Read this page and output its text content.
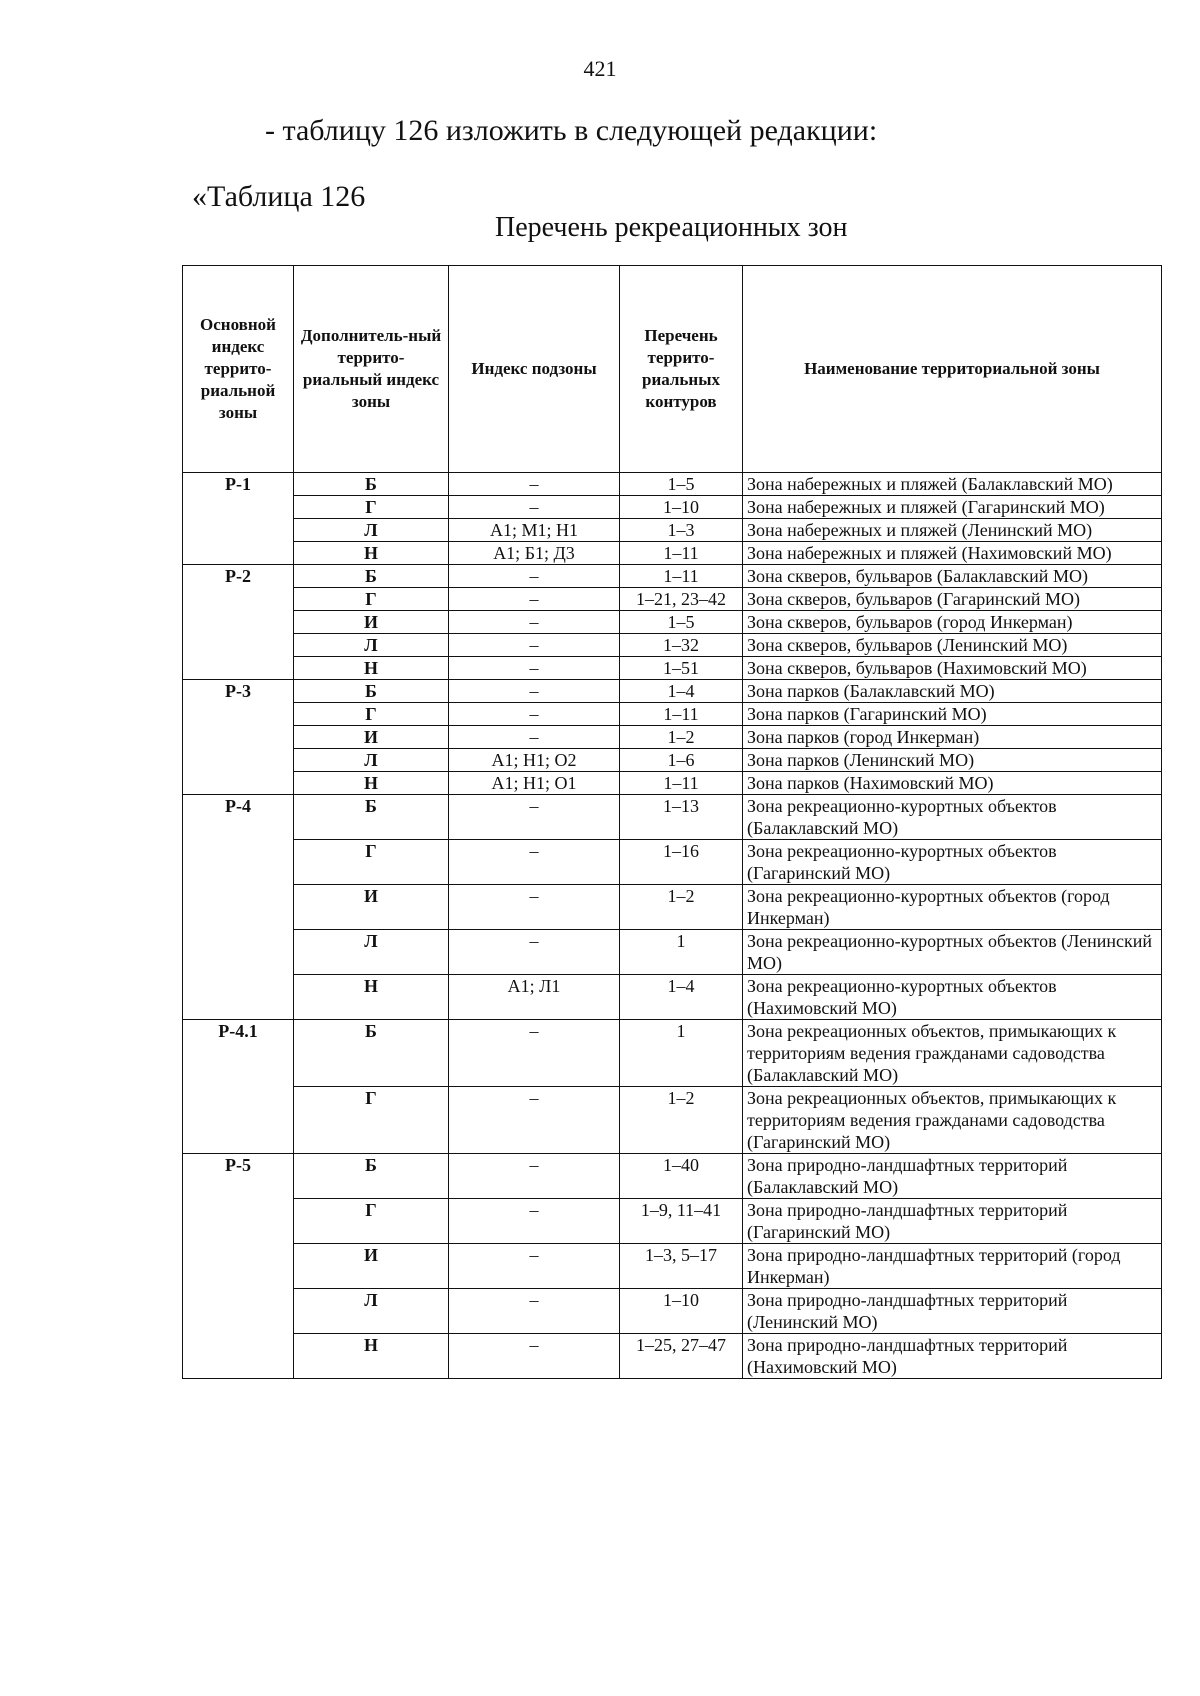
421
- таблицу 126 изложить в следующей редакции:
«Таблица 126
Перечень рекреационных зон
Основной индекс террито-риальной зоны	Дополнитель-ный террито-риальный индекс зоны	Индекс подзоны	Перечень террито-риальных контуров	Наименование территориальной зоны
Р-1	Б	–	1–5	Зона набережных и пляжей (Балаклавский МО)
	Г	–	1–10	Зона набережных и пляжей (Гагаринский МО)
	Л	А1; М1; Н1	1–3	Зона набережных и пляжей (Ленинский МО)
	Н	А1; Б1; Д3	1–11	Зона набережных и пляжей (Нахимовский МО)
Р-2	Б	–	1–11	Зона скверов, бульваров (Балаклавский МО)
	Г	–	1–21, 23–42	Зона скверов, бульваров (Гагаринский МО)
	И	–	1–5	Зона скверов, бульваров (город Инкерман)
	Л	–	1–32	Зона скверов, бульваров (Ленинский МО)
	Н	–	1–51	Зона скверов, бульваров (Нахимовский МО)
Р-3	Б	–	1–4	Зона парков (Балаклавский МО)
	Г	–	1–11	Зона парков (Гагаринский МО)
	И	–	1–2	Зона парков (город Инкерман)
	Л	А1; Н1; О2	1–6	Зона парков (Ленинский МО)
	Н	А1; Н1; О1	1–11	Зона парков (Нахимовский МО)
Р-4	Б	–	1–13	Зона рекреационно-курортных объектов (Балаклавский МО)
	Г	–	1–16	Зона рекреационно-курортных объектов (Гагаринский МО)
	И	–	1–2	Зона рекреационно-курортных объектов (город Инкерман)
	Л	–	1	Зона рекреационно-курортных объектов (Ленинский МО)
	Н	А1; Л1	1–4	Зона рекреационно-курортных объектов (Нахимовский МО)
Р-4.1	Б	–	1	Зона рекреационных объектов, примыкающих к территориям ведения гражданами садоводства (Балаклавский МО)
	Г	–	1–2	Зона рекреационных объектов, примыкающих к территориям ведения гражданами садоводства (Гагаринский МО)
Р-5	Б	–	1–40	Зона природно-ландшафтных территорий (Балаклавский МО)
	Г	–	1–9, 11–41	Зона природно-ландшафтных территорий (Гагаринский МО)
	И	–	1–3, 5–17	Зона природно-ландшафтных территорий (город Инкерман)
	Л	–	1–10	Зона природно-ландшафтных территорий (Ленинский МО)
	Н	–	1–25, 27–47	Зона природно-ландшафтных территорий (Нахимовский МО)
